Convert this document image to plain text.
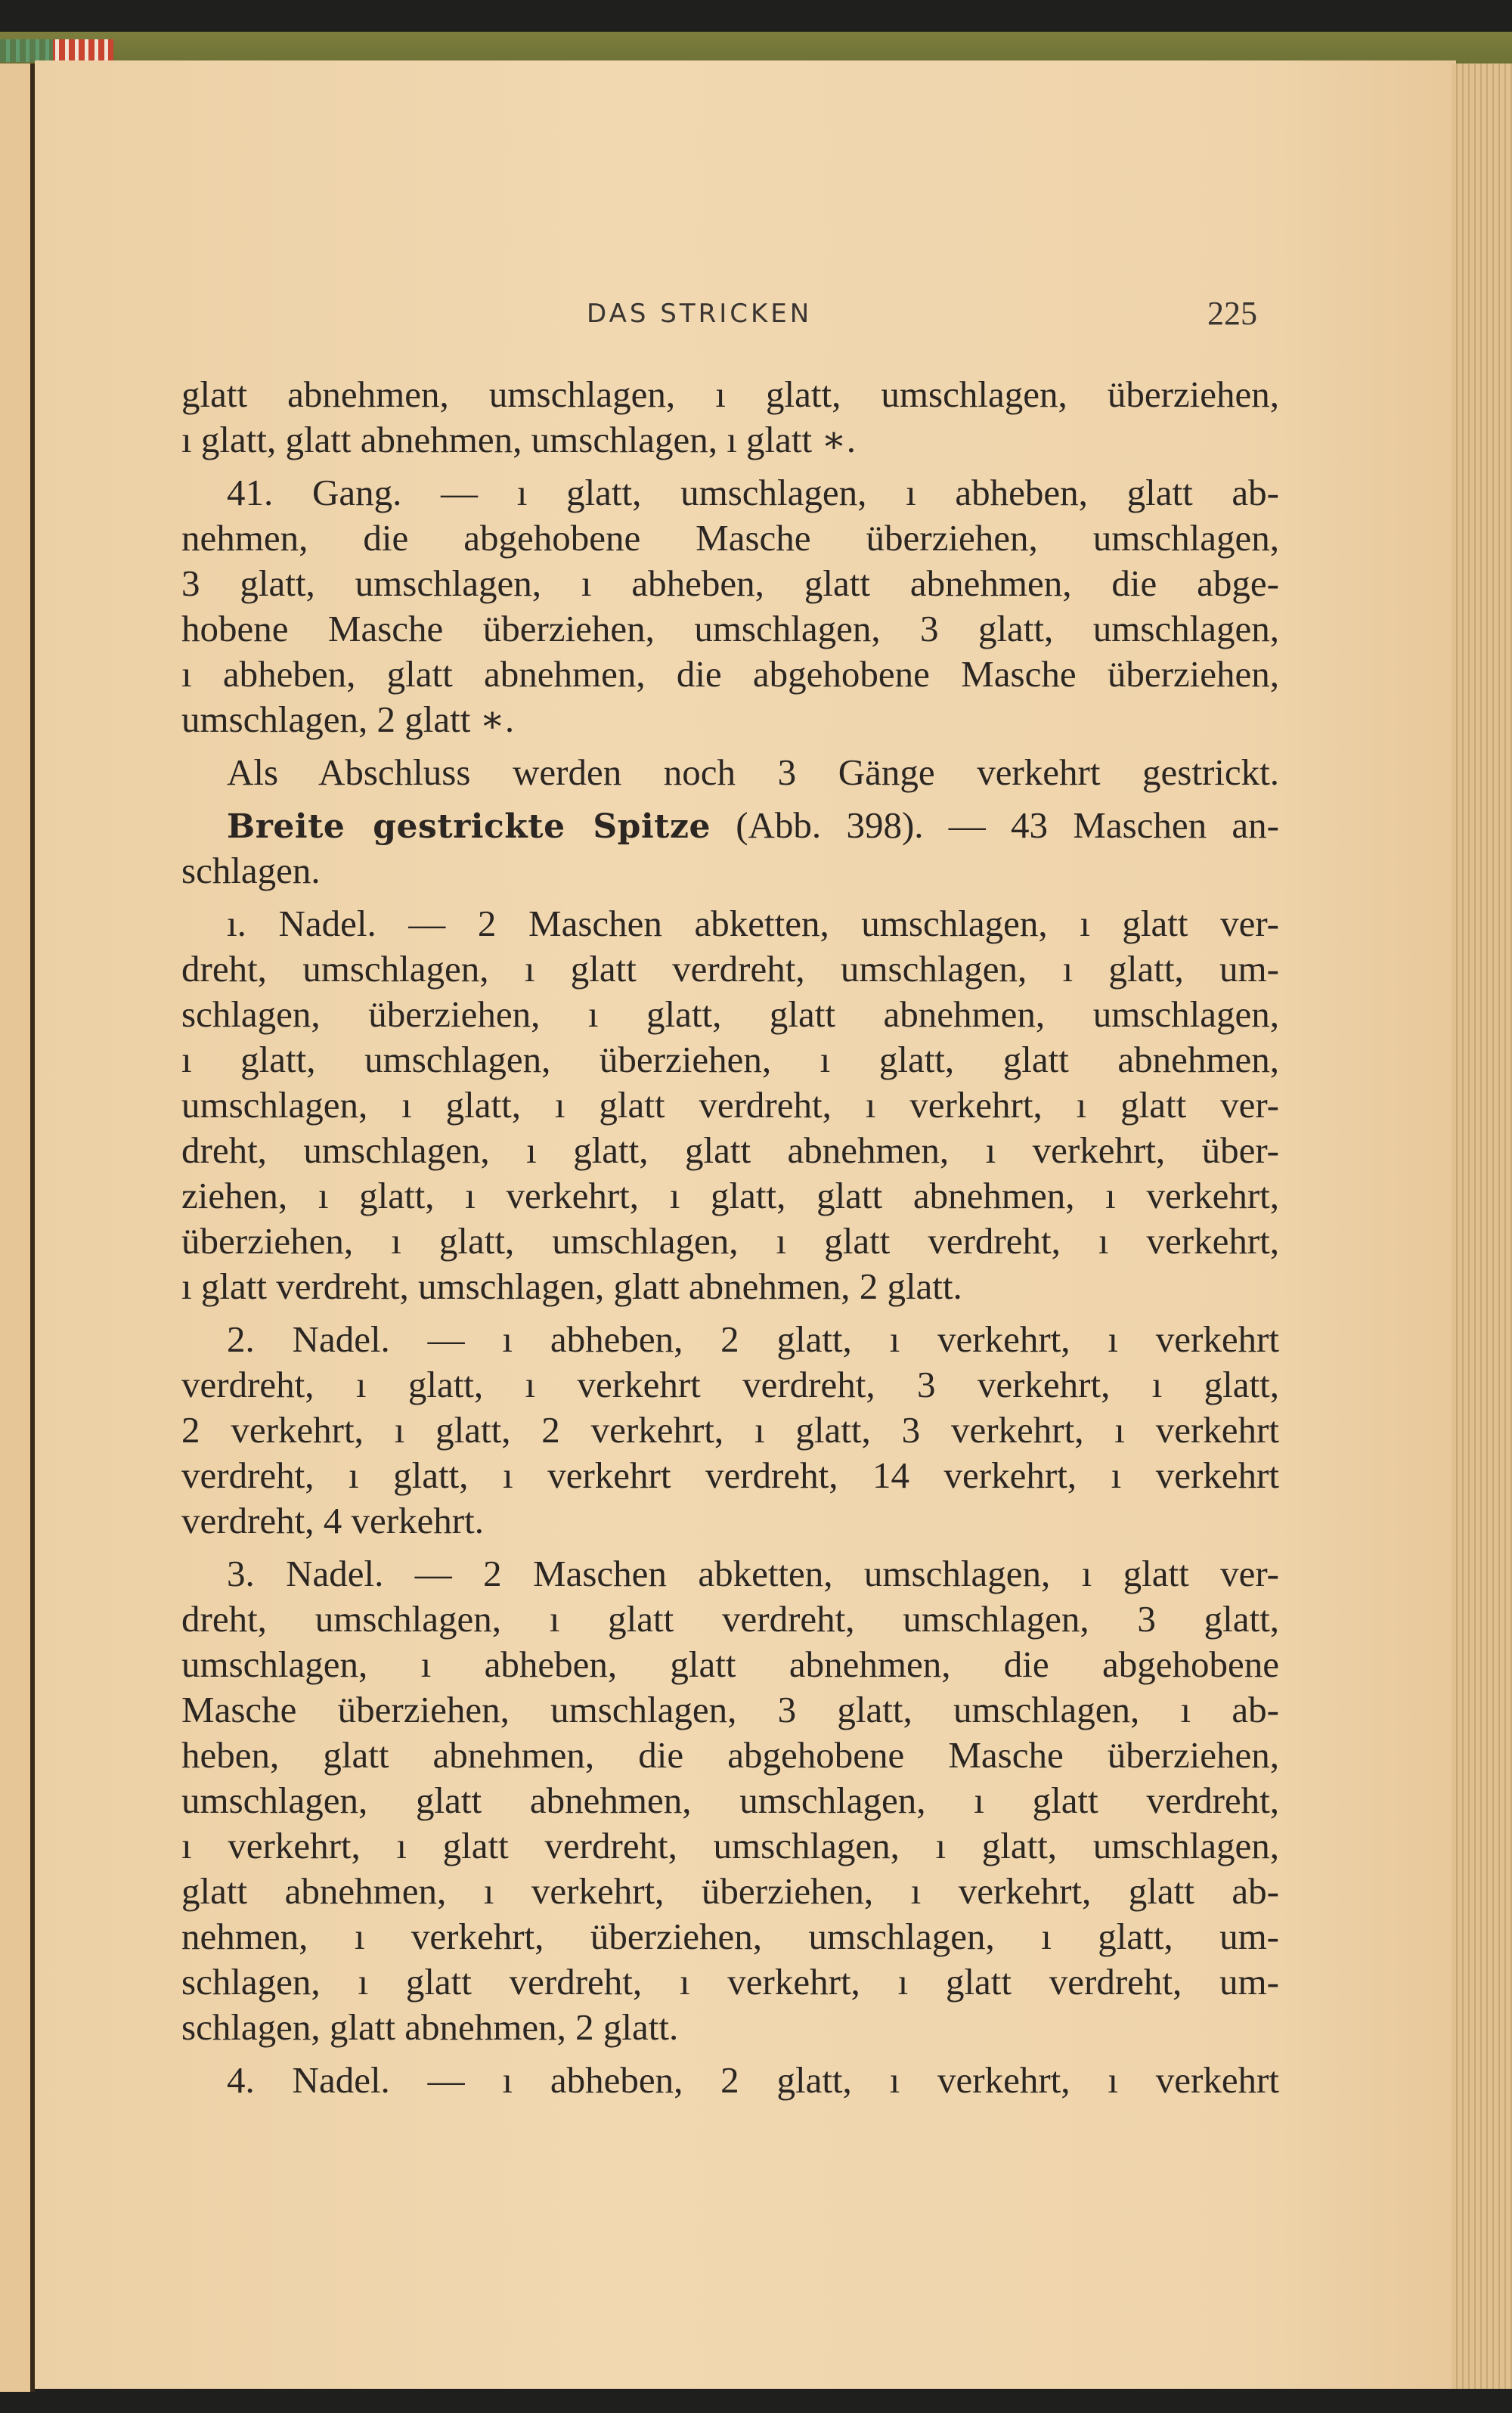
DAS STRICKEN	225
glatt abnehmen, umschlagen, ı glatt, umschlagen, überziehen,
ı glatt, glatt abnehmen, umschlagen, ı glatt ∗.
41. Gang. — ı glatt, umschlagen, ı abheben, glatt ab-
nehmen, die abgehobene Masche überziehen, umschlagen,
3 glatt, umschlagen, ı abheben, glatt abnehmen, die abge-
hobene Masche überziehen, umschlagen, 3 glatt, umschlagen,
ı abheben, glatt abnehmen, die abgehobene Masche überziehen,
umschlagen, 2 glatt ∗.
Als Abschluss werden noch 3 Gänge verkehrt gestrickt.
Breite gestrickte Spitze (Abb. 398). — 43 Maschen an-
schlagen.
ı. Nadel. — 2 Maschen abketten, umschlagen, ı glatt ver-
dreht, umschlagen, ı glatt verdreht, umschlagen, ı glatt, um-
schlagen, überziehen, ı glatt, glatt abnehmen, umschlagen,
ı glatt, umschlagen, überziehen, ı glatt, glatt abnehmen,
umschlagen, ı glatt, ı glatt verdreht, ı verkehrt, ı glatt ver-
dreht, umschlagen, ı glatt, glatt abnehmen, ı verkehrt, über-
ziehen, ı glatt, ı verkehrt, ı glatt, glatt abnehmen, ı verkehrt,
überziehen, ı glatt, umschlagen, ı glatt verdreht, ı verkehrt,
ı glatt verdreht, umschlagen, glatt abnehmen, 2 glatt.
2. Nadel. — ı abheben, 2 glatt, ı verkehrt, ı verkehrt
verdreht, ı glatt, ı verkehrt verdreht, 3 verkehrt, ı glatt,
2 verkehrt, ı glatt, 2 verkehrt, ı glatt, 3 verkehrt, ı verkehrt
verdreht, ı glatt, ı verkehrt verdreht, 14 verkehrt, ı verkehrt
verdreht, 4 verkehrt.
3. Nadel. — 2 Maschen abketten, umschlagen, ı glatt ver-
dreht, umschlagen, ı glatt verdreht, umschlagen, 3 glatt,
umschlagen, ı abheben, glatt abnehmen, die abgehobene
Masche überziehen, umschlagen, 3 glatt, umschlagen, ı ab-
heben, glatt abnehmen, die abgehobene Masche überziehen,
umschlagen, glatt abnehmen, umschlagen, ı glatt verdreht,
ı verkehrt, ı glatt verdreht, umschlagen, ı glatt, umschlagen,
glatt abnehmen, ı verkehrt, überziehen, ı verkehrt, glatt ab-
nehmen, ı verkehrt, überziehen, umschlagen, ı glatt, um-
schlagen, ı glatt verdreht, ı verkehrt, ı glatt verdreht, um-
schlagen, glatt abnehmen, 2 glatt.
4. Nadel. — ı abheben, 2 glatt, ı verkehrt, ı verkehrt
